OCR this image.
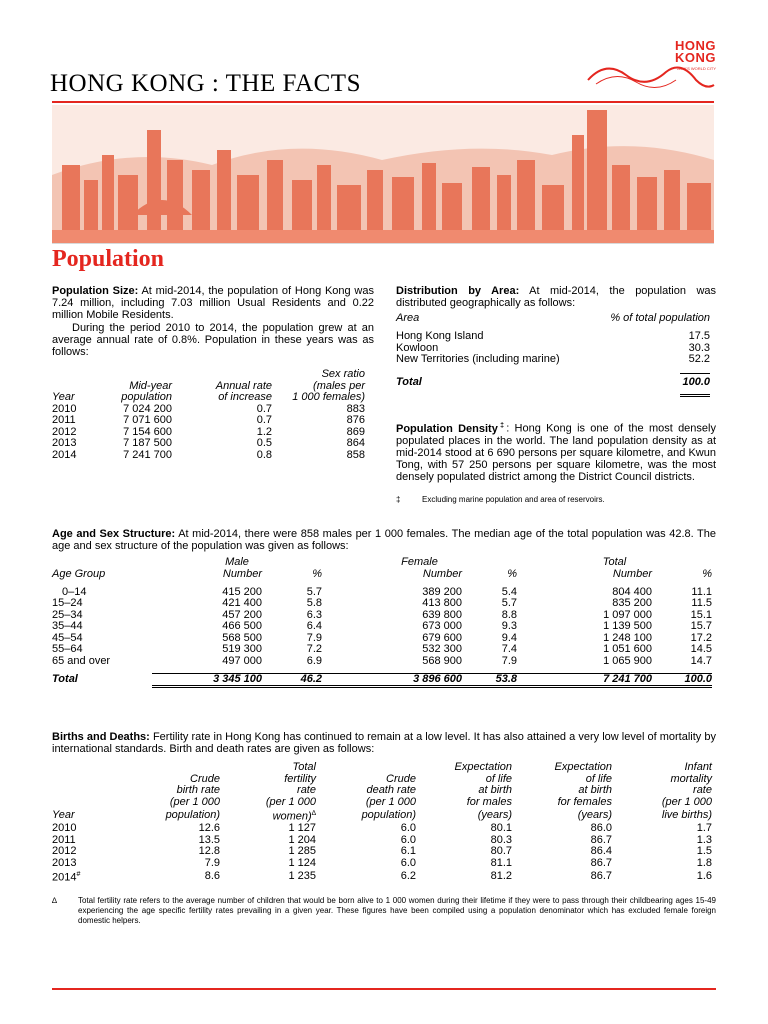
HONG KONG : THE FACTS
HONG
KONG
ASIA'S WORLD CITY
Population
Population Size: At mid-2014, the population of Hong Kong was 7.24 million, including 7.03 million Usual Residents and 0.22 million Mobile Residents.
During the period 2010 to 2014, the population grew at an average annual rate of 0.8%. Population in these years was as follows:
			Sex ratio
	Mid-year	Annual rate	(males per
Year	population	of increase	1 000 females)
2010	7 024 200	0.7	883
2011	7 071 600	0.7	876
2012	7 154 600	1.2	869
2013	7 187 500	0.5	864
2014	7 241 700	0.8	858
Distribution by Area: At mid-2014, the population was distributed geographically as follows:
Area	% of total population
Hong Kong Island	17.5
Kowloon	30.3
New Territories (including marine)	52.2

Total	100.0

Population Density‡: Hong Kong is one of the most densely populated places in the world. The land population density as at mid-2014 stood at 6 690 persons per square kilometre, and Kwun Tong, with 57 250 persons per square kilometre, was the most densely populated district among the District Council districts.
‡	Excluding marine population and area of reservoirs.
Age and Sex Structure: At mid-2014, there were 858 males per 1 000 females. The median age of the total population was 42.8. The age and sex structure of the population was given as follows:
	Male		Female		Total	
Age Group	Number	%	Number	%	Number	%
0–14	415 200	5.7	389 200	5.4	804 400	11.1
15–24	421 400	5.8	413 800	5.7	835 200	11.5
25–34	457 200	6.3	639 800	8.8	1 097 000	15.1
35–44	466 500	6.4	673 000	9.3	1 139 500	15.7
45–54	568 500	7.9	679 600	9.4	1 248 100	17.2
55–64	519 300	7.2	532 300	7.4	1 051 600	14.5
65 and over	497 000	6.9	568 900	7.9	1 065 900	14.7

Total	3 345 100	46.2	3 896 600	53.8	7 241 700	100.0
Births and Deaths: Fertility rate in Hong Kong has continued to remain at a low level. It has also attained a very low level of mortality by international standards. Birth and death rates are given as follows:
		Total		Expectation	Expectation	Infant
	Crude	fertility	Crude	of life	of life	mortality
	birth rate	rate	death rate	at birth	at birth	rate
	(per 1 000	(per 1 000	(per 1 000	for males	for females	(per 1 000
Year	population)	women)∆	population)	(years)	(years)	live births)
2010	12.6	1 127	6.0	80.1	86.0	1.7
2011	13.5	1 204	6.0	80.3	86.7	1.3
2012	12.8	1 285	6.1	80.7	86.4	1.5
2013	7.9	1 124	6.0	81.1	86.7	1.8
2014#	8.6	1 235	6.2	81.2	86.7	1.6
∆	Total fertility rate refers to the average number of children that would be born alive to 1 000 women during their lifetime if they were to pass through their childbearing ages 15-49 experiencing the age specific fertility rates prevailing in a given year. These figures have been compiled using a population denominator which has excluded female foreign domestic helpers.
